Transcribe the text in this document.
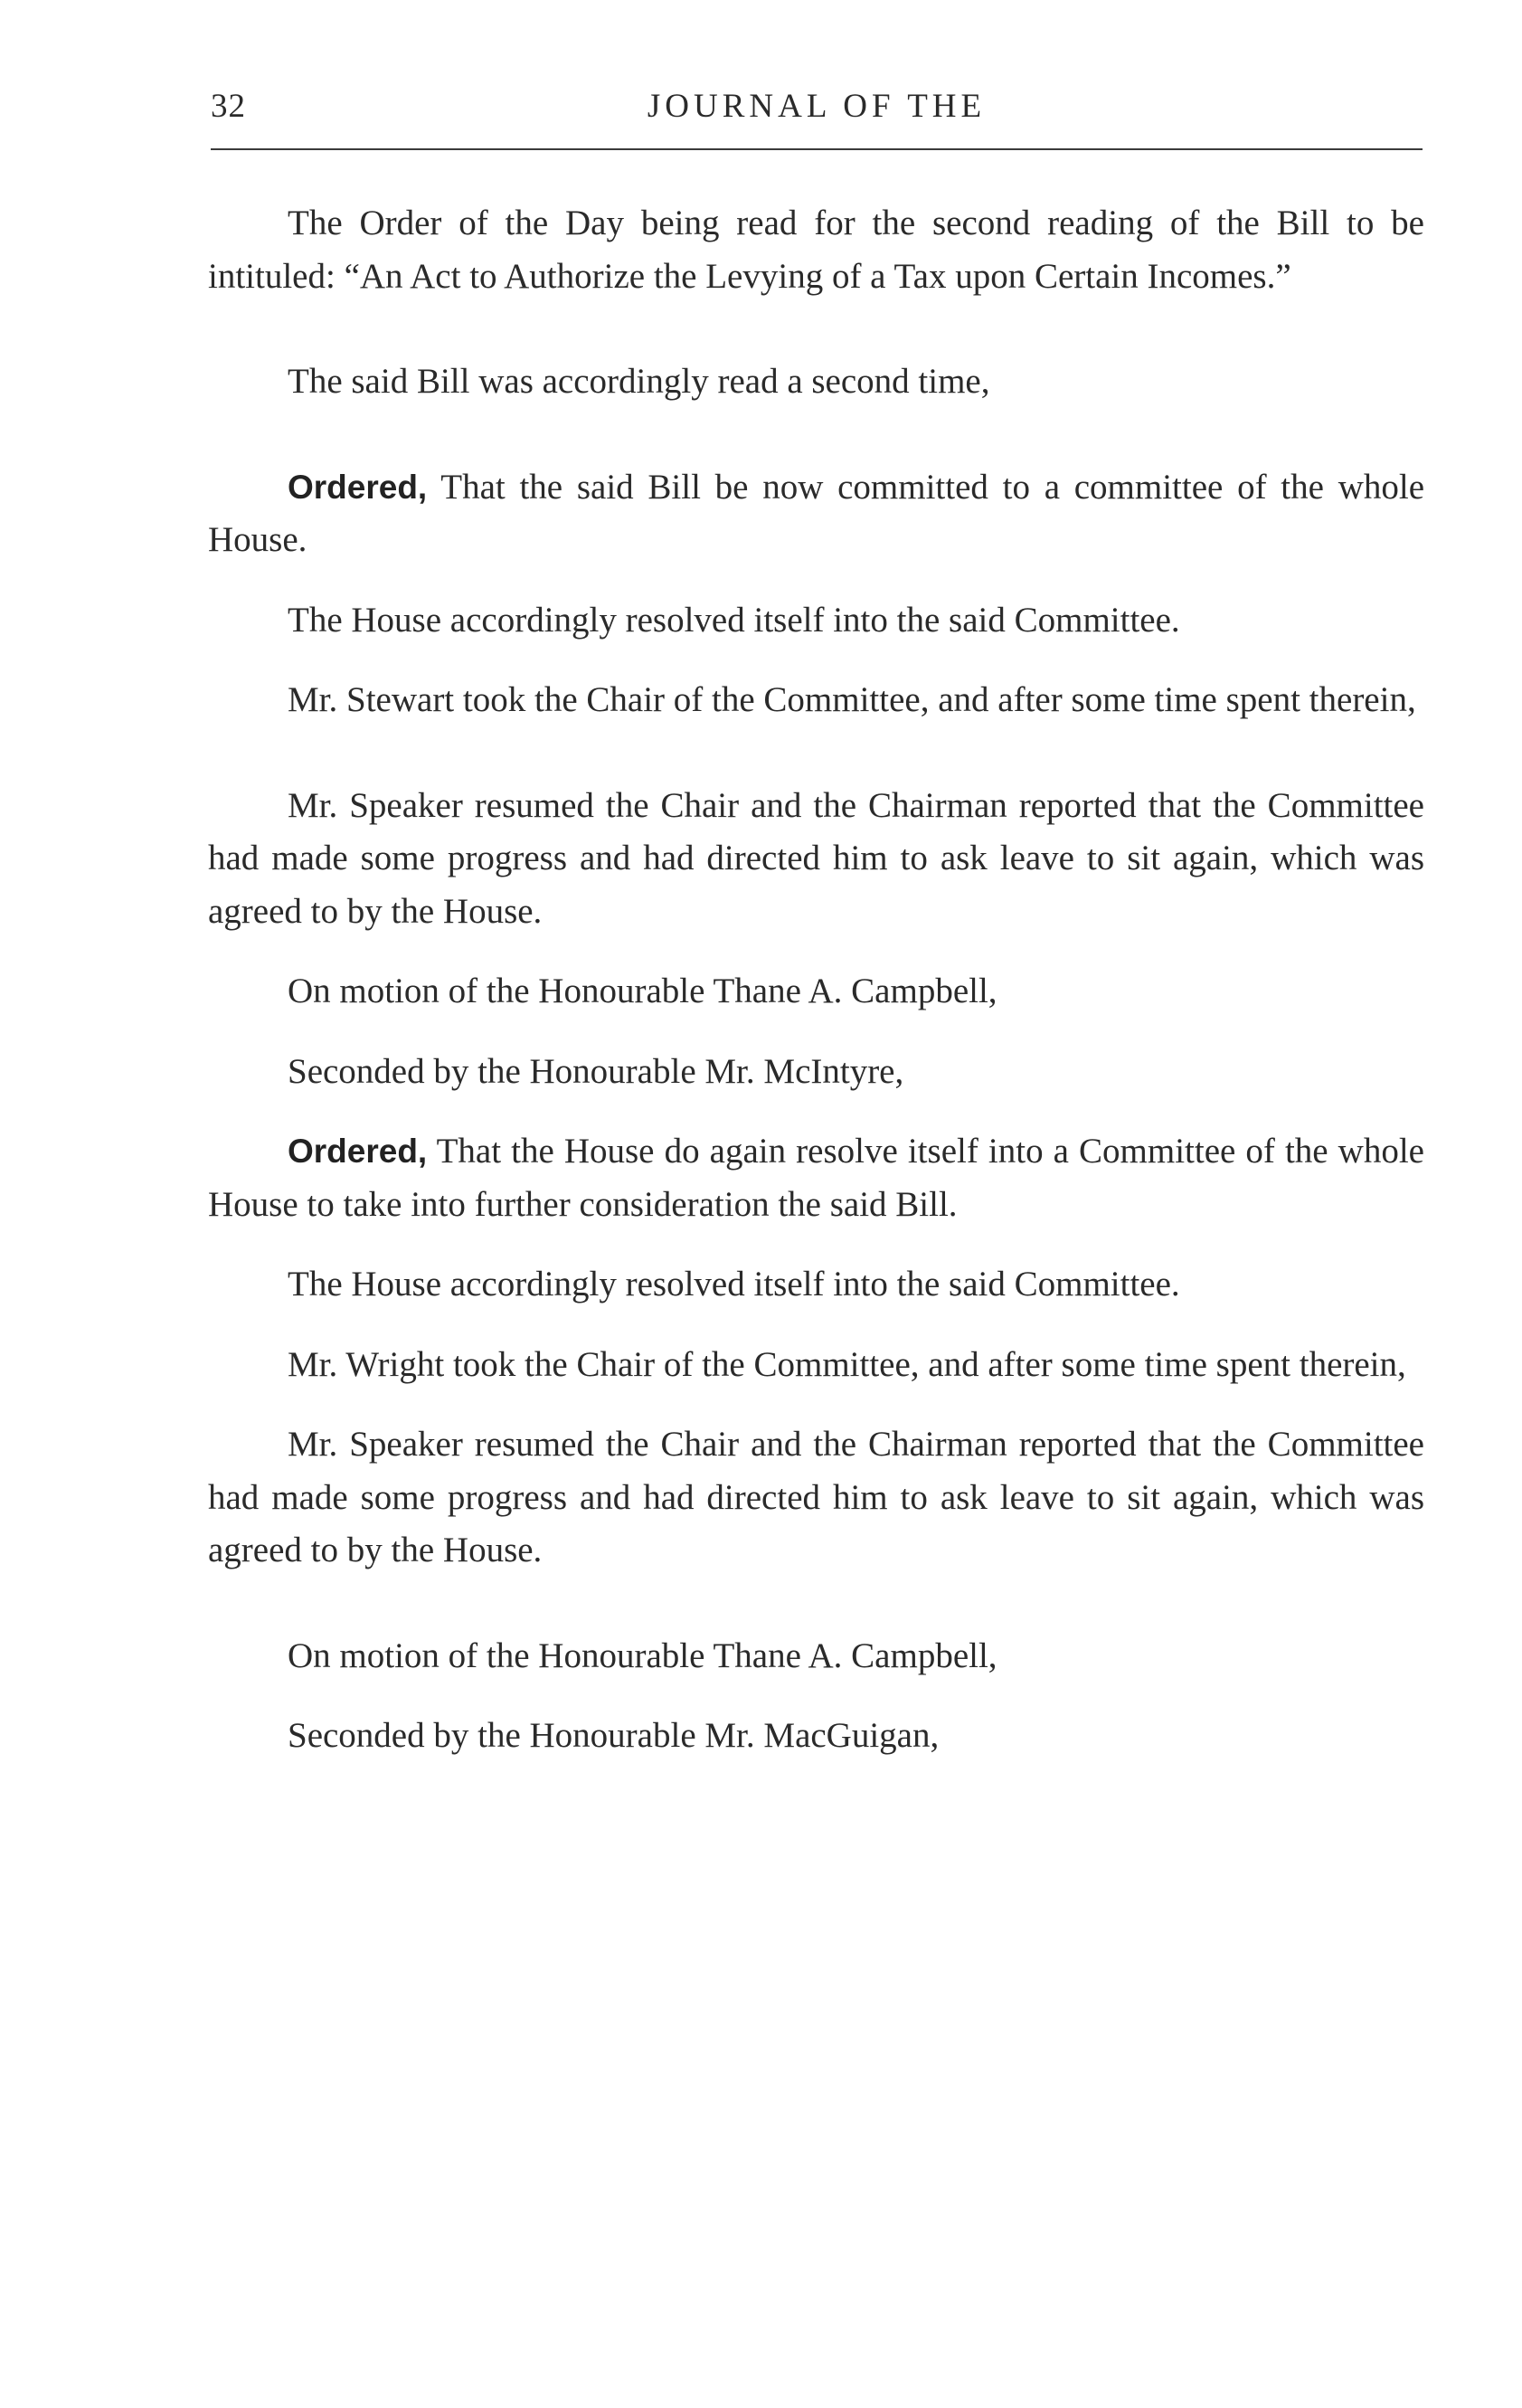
32	JOURNAL OF THE

The Order of the Day being read for the second reading of the Bill to be intituled: “An Act to Authorize the Levying of a Tax upon Certain Incomes.”

The said Bill was accordingly read a second time,

Ordered, That the said Bill be now committed to a committee of the whole House.

The House accordingly resolved itself into the said Committee.

Mr. Stewart took the Chair of the Committee, and after some time spent therein,

Mr. Speaker resumed the Chair and the Chairman reported that the Committee had made some progress and had directed him to ask leave to sit again, which was agreed to by the House.

On motion of the Honourable Thane A. Campbell,

Seconded by the Honourable Mr. McIntyre,

Ordered, That the House do again resolve itself into a Committee of the whole House to take into further consideration the said Bill.

The House accordingly resolved itself into the said Committee.

Mr. Wright took the Chair of the Committee, and after some time spent therein,

Mr. Speaker resumed the Chair and the Chairman reported that the Committee had made some progress and had directed him to ask leave to sit again, which was agreed to by the House.

On motion of the Honourable Thane A. Campbell,

Seconded by the Honourable Mr. MacGuigan,
